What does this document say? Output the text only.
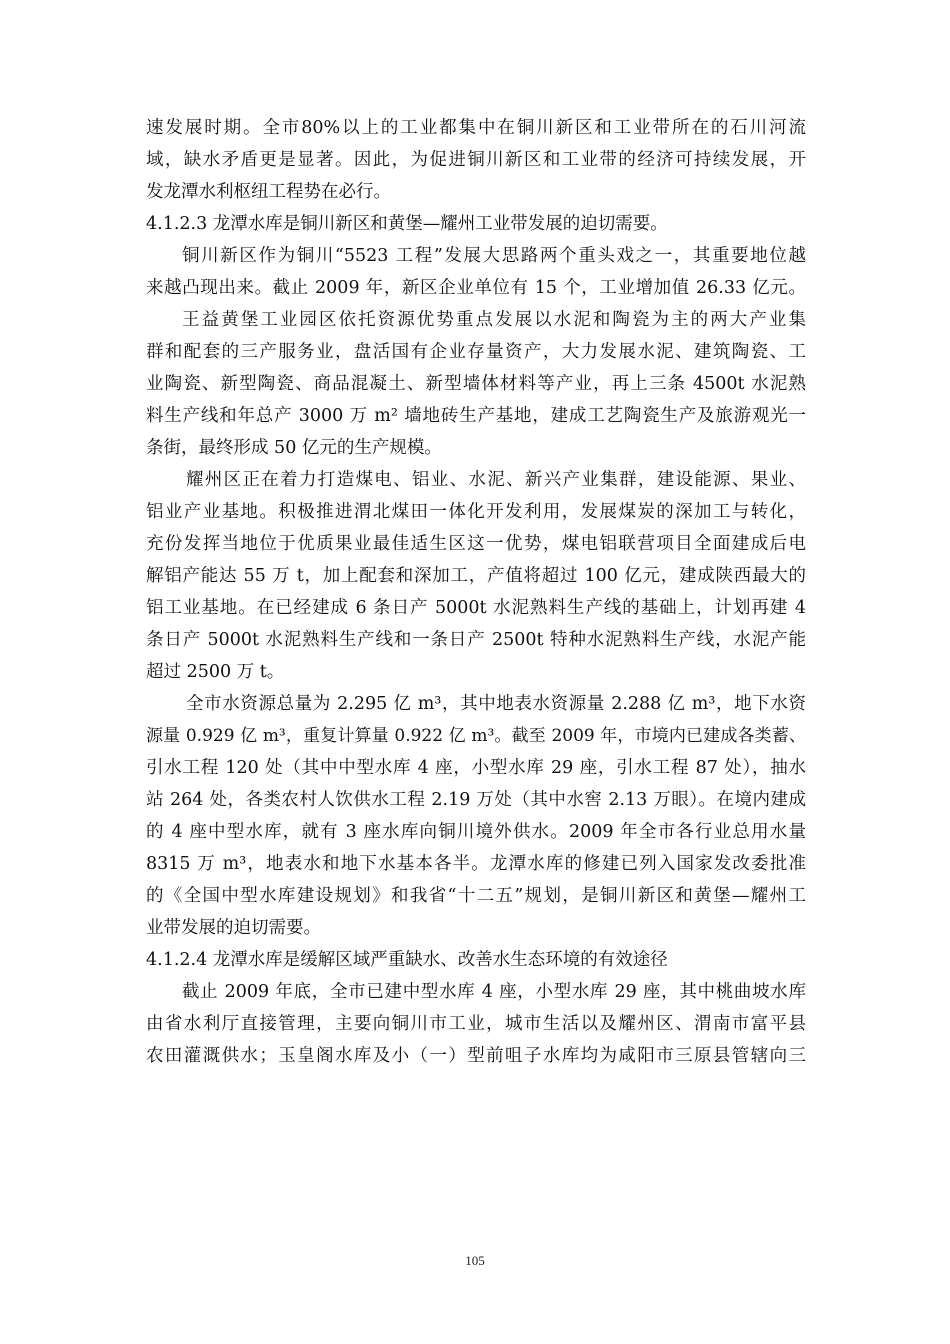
速发展时期。全市80%以上的工业都集中在铜川新区和工业带所在的石川河流
域，缺水矛盾更是显著。因此，为促进铜川新区和工业带的经济可持续发展，开
发龙潭水利枢纽工程势在必行。
4.1.2.3 龙潭水库是铜川新区和黄堡—耀州工业带发展的迫切需要。
铜川新区作为铜川“5523 工程”发展大思路两个重头戏之一，其重要地位越
来越凸现出来。截止 2009 年，新区企业单位有 15 个，工业增加值 26.33 亿元。
王益黄堡工业园区依托资源优势重点发展以水泥和陶瓷为主的两大产业集
群和配套的三产服务业，盘活国有企业存量资产，大力发展水泥、建筑陶瓷、工
业陶瓷、新型陶瓷、商品混凝土、新型墙体材料等产业，再上三条 4500t 水泥熟
料生产线和年总产 3000 万 m² 墙地砖生产基地，建成工艺陶瓷生产及旅游观光一
条街，最终形成 50 亿元的生产规模。
耀州区正在着力打造煤电、铝业、水泥、新兴产业集群，建设能源、果业、
铝业产业基地。积极推进渭北煤田一体化开发利用，发展煤炭的深加工与转化，
充份发挥当地位于优质果业最佳适生区这一优势，煤电铝联营项目全面建成后电
解铝产能达 55 万 t，加上配套和深加工，产值将超过 100 亿元，建成陕西最大的
铝工业基地。在已经建成 6 条日产 5000t 水泥熟料生产线的基础上，计划再建 4
条日产 5000t 水泥熟料生产线和一条日产 2500t 特种水泥熟料生产线，水泥产能
超过 2500 万 t。
全市水资源总量为 2.295 亿 m³，其中地表水资源量 2.288 亿 m³，地下水资
源量 0.929 亿 m³，重复计算量 0.922 亿 m³。截至 2009 年，市境内已建成各类蓄、
引水工程 120 处（其中中型水库 4 座，小型水库 29 座，引水工程 87 处），抽水
站 264 处，各类农村人饮供水工程 2.19 万处（其中水窖 2.13 万眼）。在境内建成
的 4 座中型水库，就有 3 座水库向铜川境外供水。2009 年全市各行业总用水量
8315 万 m³，地表水和地下水基本各半。龙潭水库的修建已列入国家发改委批准
的《全国中型水库建设规划》和我省“十二五”规划，是铜川新区和黄堡—耀州工
业带发展的迫切需要。
4.1.2.4 龙潭水库是缓解区域严重缺水、改善水生态环境的有效途径
截止 2009 年底，全市已建中型水库 4 座，小型水库 29 座，其中桃曲坡水库
由省水利厅直接管理，主要向铜川市工业，城市生活以及耀州区、渭南市富平县
农田灌溉供水；玉皇阁水库及小（一）型前咀子水库均为咸阳市三原县管辖向三
105
